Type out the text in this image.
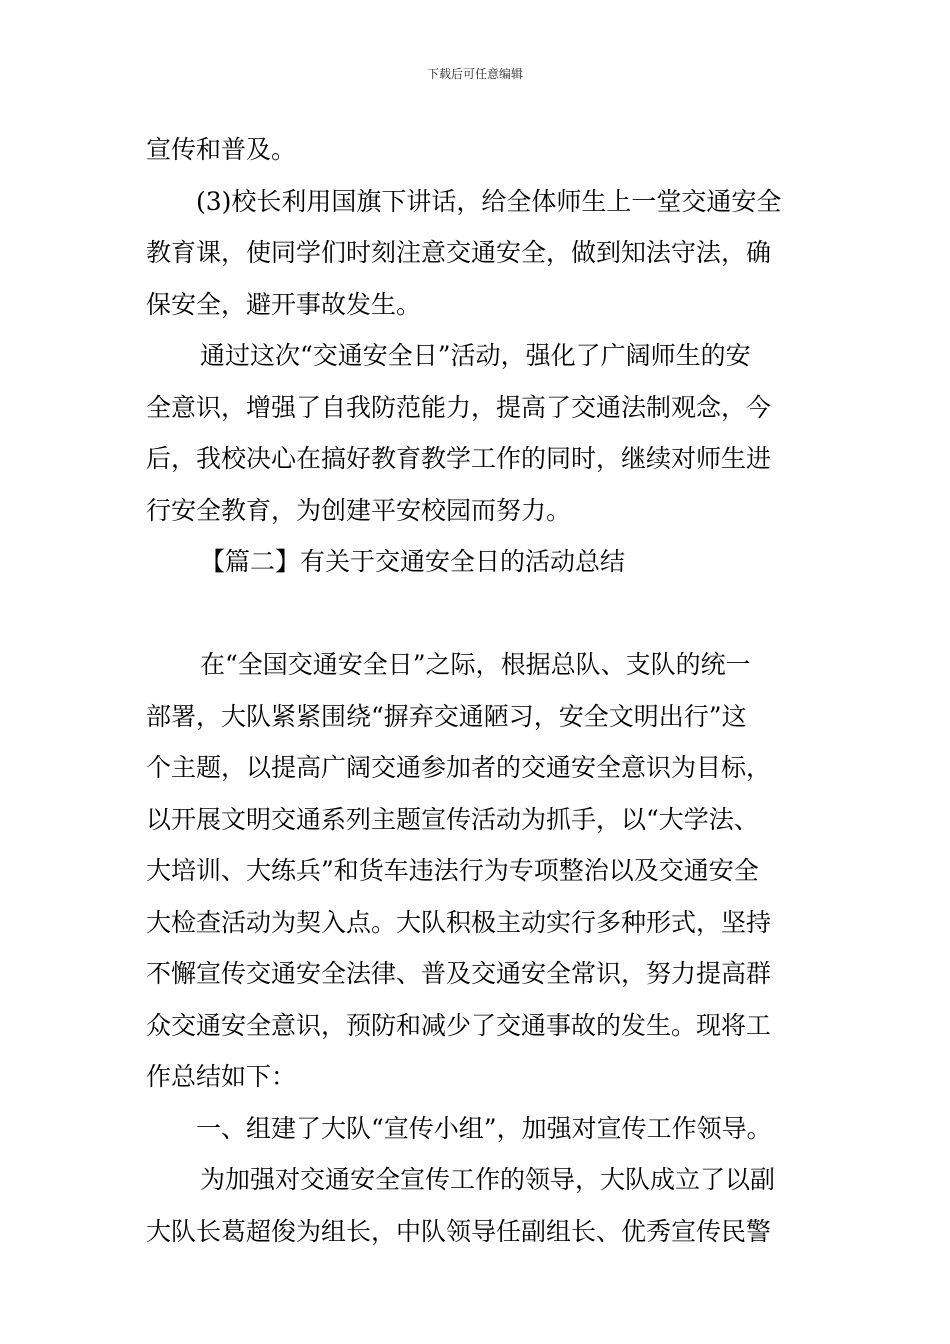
下载后可任意编辑
宣传和普及。
(3)校长利用国旗下讲话，给全体师生上一堂交通安全
教育课，使同学们时刻注意交通安全，做到知法守法，确
保安全，避开事故发生。
通过这次“交通安全日”活动，强化了广阔师生的安
全意识，增强了自我防范能力，提高了交通法制观念，今
后，我校决心在搞好教育教学工作的同时，继续对师生进
行安全教育，为创建平安校园而努力。
【篇二】有关于交通安全日的活动总结
在“全国交通安全日”之际，根据总队、支队的统一
部署，大队紧紧围绕“摒弃交通陋习，安全文明出行”这
个主题，以提高广阔交通参加者的交通安全意识为目标，
以开展文明交通系列主题宣传活动为抓手，以“大学法、
大培训、大练兵”和货车违法行为专项整治以及交通安全
大检查活动为契入点。大队积极主动实行多种形式，坚持
不懈宣传交通安全法律、普及交通安全常识，努力提高群
众交通安全意识，预防和减少了交通事故的发生。现将工
作总结如下：
一、组建了大队“宣传小组”，加强对宣传工作领导。
为加强对交通安全宣传工作的领导，大队成立了以副
大队长葛超俊为组长，中队领导任副组长、优秀宣传民警
